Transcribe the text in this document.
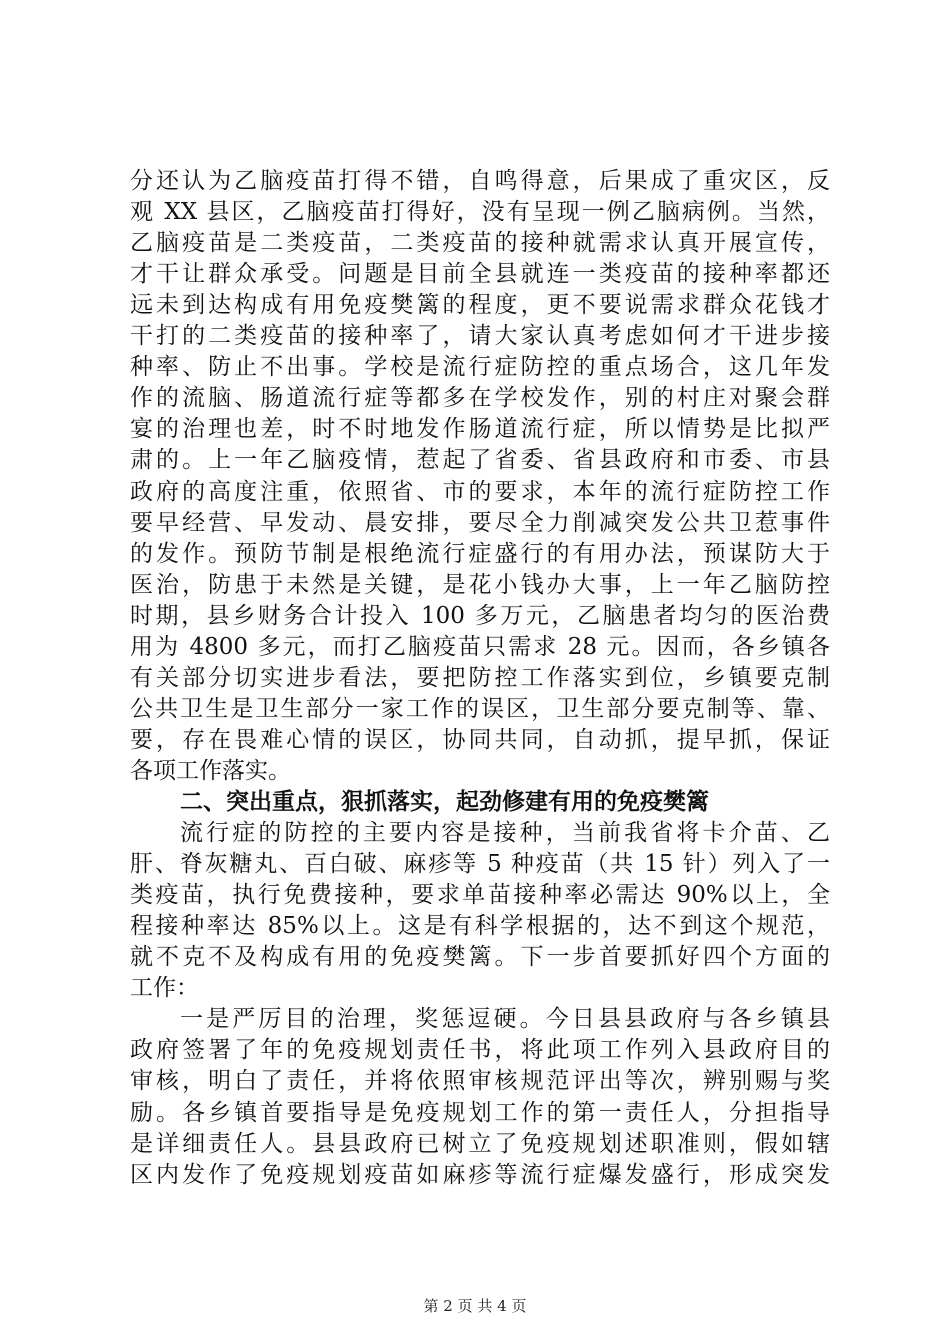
分还认为乙脑疫苗打得不错，自鸣得意，后果成了重灾区，反

观 XX 县区，乙脑疫苗打得好，没有呈现一例乙脑病例。当然，

乙脑疫苗是二类疫苗，二类疫苗的接种就需求认真开展宣传，

才干让群众承受。问题是目前全县就连一类疫苗的接种率都还

远未到达构成有用免疫樊篱的程度，更不要说需求群众花钱才

干打的二类疫苗的接种率了，请大家认真考虑如何才干进步接

种率、防止不出事。学校是流行症防控的重点场合，这几年发

作的流脑、肠道流行症等都多在学校发作，别的村庄对聚会群

宴的治理也差，时不时地发作肠道流行症，所以情势是比拟严

肃的。上一年乙脑疫情，惹起了省委、省县政府和市委、市县

政府的高度注重，依照省、市的要求，本年的流行症防控工作

要早经营、早发动、晨安排，要尽全力削减突发公共卫惹事件

的发作。预防节制是根绝流行症盛行的有用办法，预谋防大于

医治，防患于未然是关键，是花小钱办大事，上一年乙脑防控

时期，县乡财务合计投入 100 多万元，乙脑患者均匀的医治费

用为 4800 多元，而打乙脑疫苗只需求 28 元。因而，各乡镇各

有关部分切实进步看法，要把防控工作落实到位，乡镇要克制

公共卫生是卫生部分一家工作的误区，卫生部分要克制等、靠、

要，存在畏难心情的误区，协同共同，自动抓，提早抓，保证

各项工作落实。

二、突出重点，狠抓落实，起劲修建有用的免疫樊篱

流行症的防控的主要内容是接种，当前我省将卡介苗、乙

肝、脊灰糖丸、百白破、麻疹等 5 种疫苗（共 15 针）列入了一

类疫苗，执行免费接种，要求单苗接种率必需达 90%以上，全

程接种率达 85%以上。这是有科学根据的，达不到这个规范，

就不克不及构成有用的免疫樊篱。下一步首要抓好四个方面的

工作：

一是严厉目的治理，奖惩逗硬。今日县县政府与各乡镇县

政府签署了年的免疫规划责任书，将此项工作列入县政府目的

审核，明白了责任，并将依照审核规范评出等次，辨别赐与奖

励。各乡镇首要指导是免疫规划工作的第一责任人，分担指导

是详细责任人。县县政府已树立了免疫规划述职准则，假如辖

区内发作了免疫规划疫苗如麻疹等流行症爆发盛行，形成突发

第 2 页 共 4 页
